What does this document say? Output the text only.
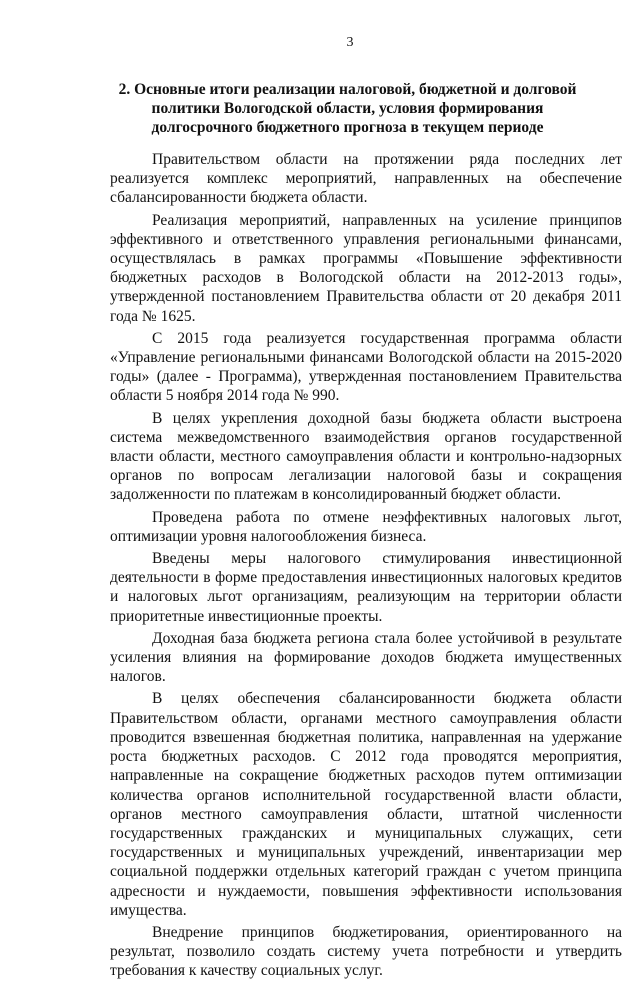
3
2. Основные итоги реализации налоговой, бюджетной и долговой политики Вологодской области, условия формирования долгосрочного бюджетного прогноза в текущем периоде

Правительством области на протяжении ряда последних лет реализуется комплекс мероприятий, направленных на обеспечение сбалансированности бюджета области.

Реализация мероприятий, направленных на усиление принципов эффективного и ответственного управления региональными финансами, осуществлялась в рамках программы «Повышение эффективности бюджетных расходов в Вологодской области на 2012-2013 годы», утвержденной постановлением Правительства области от 20 декабря 2011 года № 1625.

С 2015 года реализуется государственная программа области «Управление региональными финансами Вологодской области на 2015-2020 годы» (далее - Программа), утвержденная постановлением Правительства области 5 ноября 2014 года № 990.

В целях укрепления доходной базы бюджета области выстроена система межведомственного взаимодействия органов государственной власти области, местного самоуправления области и контрольно-надзорных органов по вопросам легализации налоговой базы и сокращения задолженности по платежам в консолидированный бюджет области.

Проведена работа по отмене неэффективных налоговых льгот, оптимизации уровня налогообложения бизнеса.

Введены меры налогового стимулирования инвестиционной деятельности в форме предоставления инвестиционных налоговых кредитов и налоговых льгот организациям, реализующим на территории области приоритетные инвестиционные проекты.

Доходная база бюджета региона стала более устойчивой в результате усиления влияния на формирование доходов бюджета имущественных налогов.

В целях обеспечения сбалансированности бюджета области Правительством области, органами местного самоуправления области проводится взвешенная бюджетная политика, направленная на удержание роста бюджетных расходов. С 2012 года проводятся мероприятия, направленные на сокращение бюджетных расходов путем оптимизации количества органов исполнительной государственной власти области, органов местного самоуправления области, штатной численности государственных гражданских и муниципальных служащих, сети государственных и муниципальных учреждений, инвентаризации мер социальной поддержки отдельных категорий граждан с учетом принципа адресности и нуждаемости, повышения эффективности использования имущества.

Внедрение принципов бюджетирования, ориентированного на результат, позволило создать систему учета потребности и утвердить требования к качеству социальных услуг.
